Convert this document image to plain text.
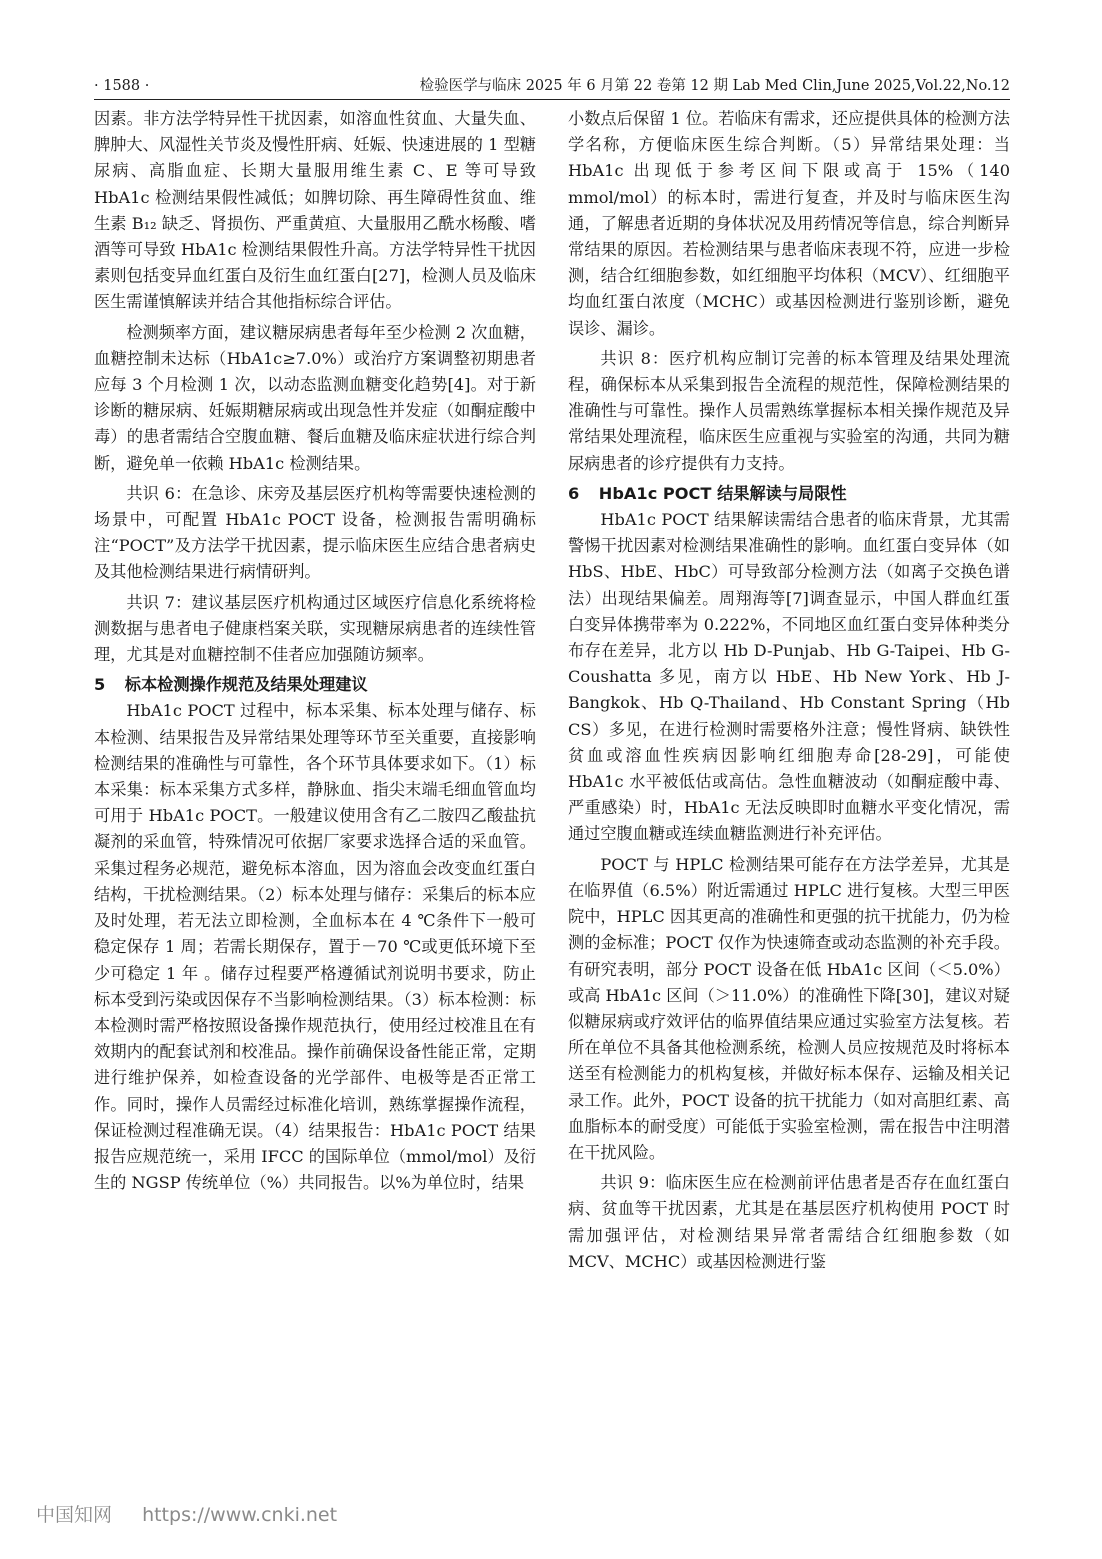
· 1588 ·	检验医学与临床 2025 年 6 月第 22 卷第 12 期 Lab Med Clin,June 2025,Vol.22,No.12

因素。非方法学特异性干扰因素，如溶血性贫血、大量失血、脾肿大、风湿性关节炎及慢性肝病、妊娠、快速进展的 1 型糖尿病、高脂血症、长期大量服用维生素 C、E 等可导致 HbA1c 检测结果假性减低；如脾切除、再生障碍性贫血、维生素 B₁₂ 缺乏、肾损伤、严重黄疸、大量服用乙酰水杨酸、嗜酒等可导致 HbA1c 检测结果假性升高。方法学特异性干扰因素则包括变异血红蛋白及衍生血红蛋白[27]，检测人员及临床医生需谨慎解读并结合其他指标综合评估。

检测频率方面，建议糖尿病患者每年至少检测 2 次血糖，血糖控制未达标（HbA1c≥7.0%）或治疗方案调整初期患者应每 3 个月检测 1 次，以动态监测血糖变化趋势[4]。对于新诊断的糖尿病、妊娠期糖尿病或出现急性并发症（如酮症酸中毒）的患者需结合空腹血糖、餐后血糖及临床症状进行综合判断，避免单一依赖 HbA1c 检测结果。

共识 6：在急诊、床旁及基层医疗机构等需要快速检测的场景中，可配置 HbA1c POCT 设备，检测报告需明确标注“POCT”及方法学干扰因素，提示临床医生应结合患者病史及其他检测结果进行病情研判。

共识 7：建议基层医疗机构通过区域医疗信息化系统将检测数据与患者电子健康档案关联，实现糖尿病患者的连续性管理，尤其是对血糖控制不佳者应加强随访频率。

5 标本检测操作规范及结果处理建议

HbA1c POCT 过程中，标本采集、标本处理与储存、标本检测、结果报告及异常结果处理等环节至关重要，直接影响检测结果的准确性与可靠性，各个环节具体要求如下。（1）标本采集：标本采集方式多样，静脉血、指尖末端毛细血管血均可用于 HbA1c POCT。一般建议使用含有乙二胺四乙酸盐抗凝剂的采血管，特殊情况可依据厂家要求选择合适的采血管。采集过程务必规范，避免标本溶血，因为溶血会改变血红蛋白结构，干扰检测结果。（2）标本处理与储存：采集后的标本应及时处理，若无法立即检测，全血标本在 4 ℃条件下一般可稳定保存 1 周；若需长期保存，置于－70 ℃或更低环境下至少可稳定 1 年 。储存过程要严格遵循试剂说明书要求，防止标本受到污染或因保存不当影响检测结果。（3）标本检测：标本检测时需严格按照设备操作规范执行，使用经过校准且在有效期内的配套试剂和校准品。操作前确保设备性能正常，定期进行维护保养，如检查设备的光学部件、电极等是否正常工作。同时，操作人员需经过标准化培训，熟练掌握操作流程，保证检测过程准确无误。（4）结果报告：HbA1c POCT 结果报告应规范统一，采用 IFCC 的国际单位（mmol/mol）及衍生的 NGSP 传统单位（%）共同报告。以%为单位时，结果

小数点后保留 1 位。若临床有需求，还应提供具体的检测方法学名称，方便临床医生综合判断。（5）异常结果处理：当 HbA1c 出现低于参考区间下限或高于 15%（140 mmol/mol）的标本时，需进行复查，并及时与临床医生沟通，了解患者近期的身体状况及用药情况等信息，综合判断异常结果的原因。若检测结果与患者临床表现不符，应进一步检测，结合红细胞参数，如红细胞平均体积（MCV）、红细胞平均血红蛋白浓度（MCHC）或基因检测进行鉴别诊断，避免误诊、漏诊。

共识 8：医疗机构应制订完善的标本管理及结果处理流程，确保标本从采集到报告全流程的规范性，保障检测结果的准确性与可靠性。操作人员需熟练掌握标本相关操作规范及异常结果处理流程，临床医生应重视与实验室的沟通，共同为糖尿病患者的诊疗提供有力支持。

6 HbA1c POCT 结果解读与局限性

HbA1c POCT 结果解读需结合患者的临床背景，尤其需警惕干扰因素对检测结果准确性的影响。血红蛋白变异体（如 HbS、HbE、HbC）可导致部分检测方法（如离子交换色谱法）出现结果偏差。周翔海等[7]调查显示，中国人群血红蛋白变异体携带率为 0.222%，不同地区血红蛋白变异体种类分布存在差异，北方以 Hb D-Punjab、Hb G-Taipei、Hb G-Coushatta 多见，南方以 HbE、Hb New York、Hb J-Bangkok、Hb Q-Thailand、Hb Constant Spring（Hb CS）多见，在进行检测时需要格外注意；慢性肾病、缺铁性贫血或溶血性疾病因影响红细胞寿命[28-29]，可能使 HbA1c 水平被低估或高估。急性血糖波动（如酮症酸中毒、严重感染）时，HbA1c 无法反映即时血糖水平变化情况，需通过空腹血糖或连续血糖监测进行补充评估。

POCT 与 HPLC 检测结果可能存在方法学差异，尤其是在临界值（6.5%）附近需通过 HPLC 进行复核。大型三甲医院中，HPLC 因其更高的准确性和更强的抗干扰能力，仍为检测的金标准；POCT 仅作为快速筛查或动态监测的补充手段。有研究表明，部分 POCT 设备在低 HbA1c 区间（＜5.0%）或高 HbA1c 区间（＞11.0%）的准确性下降[30]，建议对疑似糖尿病或疗效评估的临界值结果应通过实验室方法复核。若所在单位不具备其他检测系统，检测人员应按规范及时将标本送至有检测能力的机构复核，并做好标本保存、运输及相关记录工作。此外，POCT 设备的抗干扰能力（如对高胆红素、高血脂标本的耐受度）可能低于实验室检测，需在报告中注明潜在干扰风险。

共识 9：临床医生应在检测前评估患者是否存在血红蛋白病、贫血等干扰因素，尤其是在基层医疗机构使用 POCT 时需加强评估，对检测结果异常者需结合红细胞参数（如 MCV、MCHC）或基因检测进行鉴

中国知网 https://www.cnki.net
